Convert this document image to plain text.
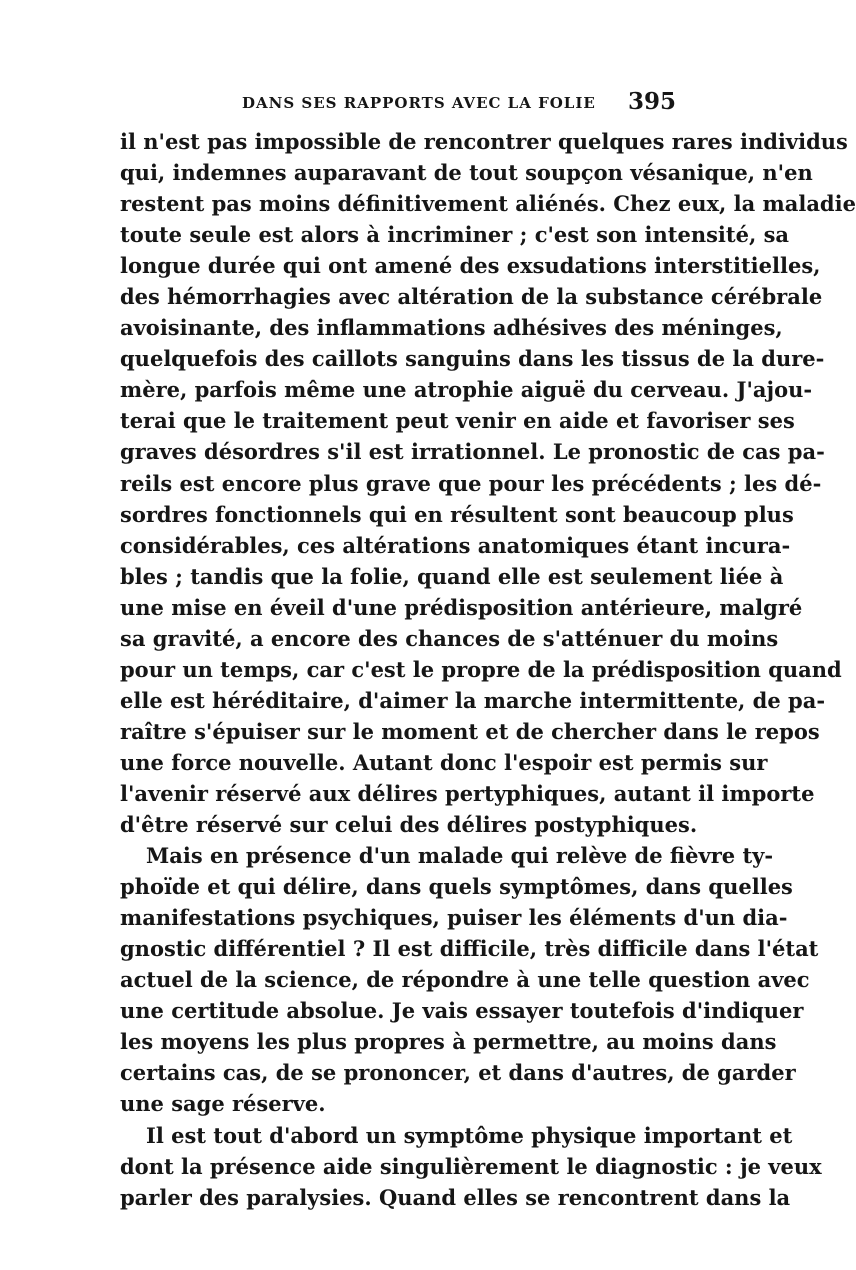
DANS SES RAPPORTS AVEC LA FOLIE 395
il n'est pas impossible de rencontrer quelques rares individus
qui, indemnes auparavant de tout soupçon vésanique, n'en
restent pas moins définitivement aliénés. Chez eux, la maladie
toute seule est alors à incriminer ; c'est son intensité, sa
longue durée qui ont amené des exsudations interstitielles,
des hémorrhagies avec altération de la substance cérébrale
avoisinante, des inflammations adhésives des méninges,
quelquefois des caillots sanguins dans les tissus de la dure-
mère, parfois même une atrophie aiguë du cerveau. J'ajou-
terai que le traitement peut venir en aide et favoriser ses
graves désordres s'il est irrationnel. Le pronostic de cas pa-
reils est encore plus grave que pour les précédents ; les dé-
sordres fonctionnels qui en résultent sont beaucoup plus
considérables, ces altérations anatomiques étant incura-
bles ; tandis que la folie, quand elle est seulement liée à
une mise en éveil d'une prédisposition antérieure, malgré
sa gravité, a encore des chances de s'atténuer du moins
pour un temps, car c'est le propre de la prédisposition quand
elle est héréditaire, d'aimer la marche intermittente, de pa-
raître s'épuiser sur le moment et de chercher dans le repos
une force nouvelle. Autant donc l'espoir est permis sur
l'avenir réservé aux délires pertyphiques, autant il importe
d'être réservé sur celui des délires postyphiques.
Mais en présence d'un malade qui relève de fièvre ty-
phoïde et qui délire, dans quels symptômes, dans quelles
manifestations psychiques, puiser les éléments d'un dia-
gnostic différentiel ? Il est difficile, très difficile dans l'état
actuel de la science, de répondre à une telle question avec
une certitude absolue. Je vais essayer toutefois d'indiquer
les moyens les plus propres à permettre, au moins dans
certains cas, de se prononcer, et dans d'autres, de garder
une sage réserve.
Il est tout d'abord un symptôme physique important et
dont la présence aide singulièrement le diagnostic : je veux
parler des paralysies. Quand elles se rencontrent dans la
